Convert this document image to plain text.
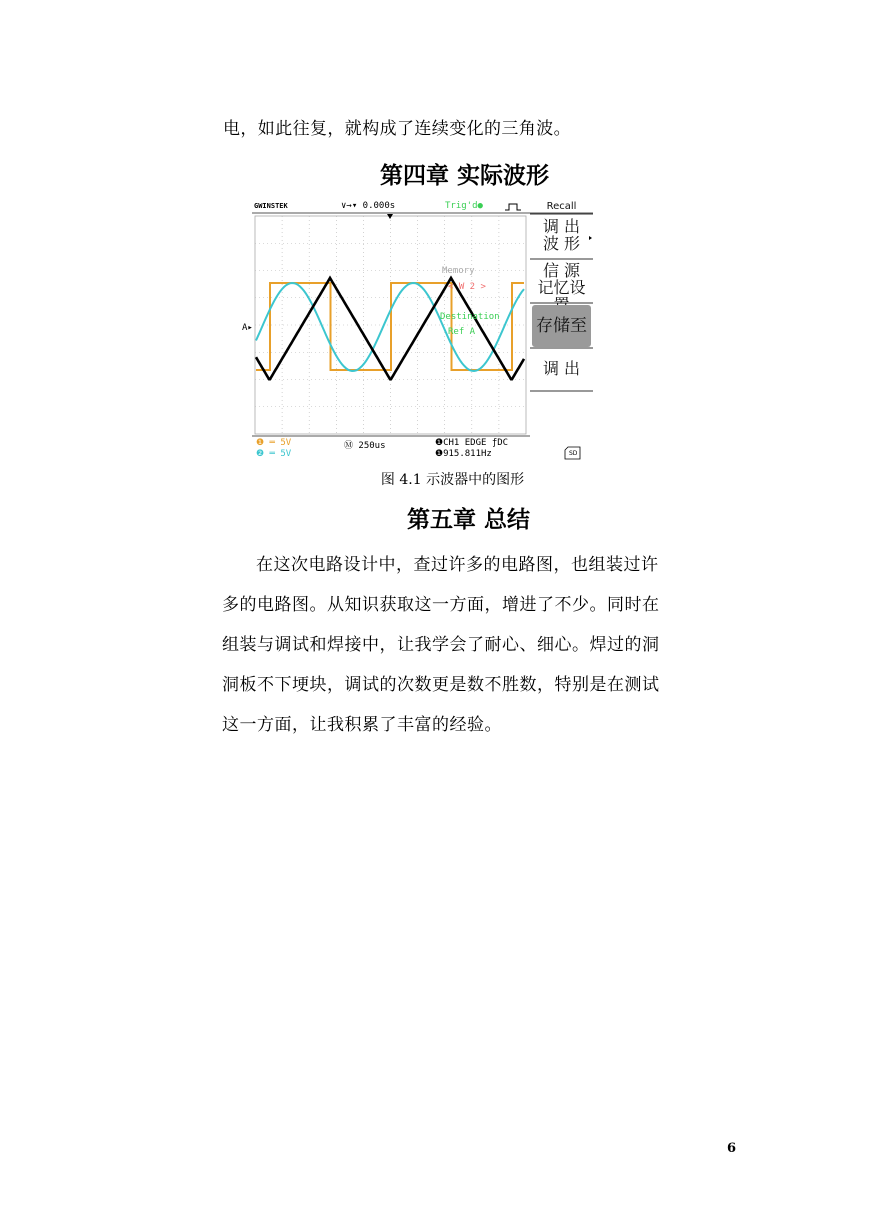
电，如此往复，就构成了连续变化的三角波。
第四章 实际波形
GWINSTEK	∨→▾ 0.000s	Trig'd●
Memory
< W 2 >
Destination
Ref A
A▸
❶ ═ 5V
❷ ═ 5V
Ⓜ 250us	❶CH1 EDGE ƒDC
❶915.811Hz	SD
Recall
调 出
波 形
信 源
记忆设
存储至
调 出
图 4.1 示波器中的图形
第五章 总结

在这次电路设计中，查过许多的电路图，也组装过许

多的电路图。从知识获取这一方面，增进了不少。同时在

组装与调试和焊接中，让我学会了耐心、细心。焊过的洞

洞板不下埂块，调试的次数更是数不胜数，特别是在测试

这一方面，让我积累了丰富的经验。

6
